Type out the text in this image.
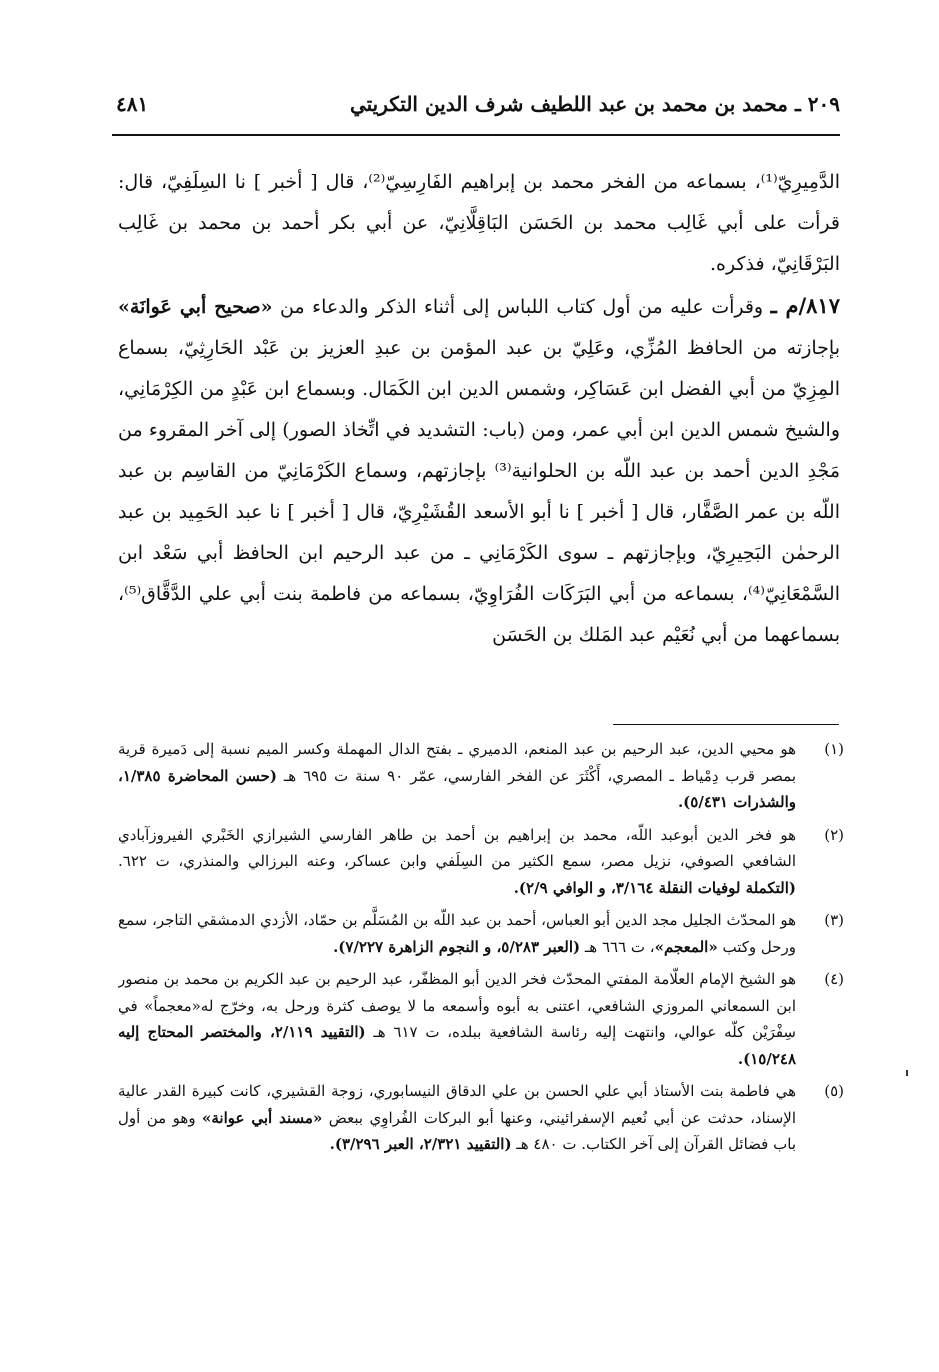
٢٠٩ ـ محمد بن محمد بن عبد اللطيف شرف الدين التكريتي
٤٨١

الدَّمِيرِيّ⁽¹⁾، بسماعه من الفخر محمد بن إبراهيم الفَارِسِيّ⁽²⁾، قال [ أخبر ] نا السِلَفِيّ، قال: قرأت على أبي غَالِب محمد بن الحَسَن البَاقِلَّانِيّ، عن أبي بكر أحمد بن محمد بن غَالِب البَرْقَانِيّ، فذكره.

٨١٧/م ـ وقرأت عليه من أول كتاب اللباس إلى أثناء الذكر والدعاء من «صحيح أبي عَوانَة» بإجازته من الحافظ المُزِّي، وعَلِيّ بن عبد المؤمن بن عبدِ العزيز بن عَبْد الحَارِثِيّ، بسماع المِزِيّ من أبي الفضل ابن عَسَاكِر، وشمس الدين ابن الكَمَال. وبسماع ابن عَبْدٍ من الكِرْمَانِي، والشيخ شمس الدين ابن أبي عمر، ومن (باب: التشديد في اتِّخاذ الصور) إلى آخر المقروء من مَجْدِ الدين أحمد بن عبد اللّه بن الحلوانية⁽³⁾ بإجازتهم، وسماع الكَرْمَانِيّ من القاسِم بن عبد اللّه بن عمر الصَّفَّار، قال [ أخبر ] نا أبو الأسعد القُشَيْرِيّ، قال [ أخبر ] نا عبد الحَمِيد بن عبد الرحمٰن البَحِيرِيّ، وبإجازتهم ـ سوى الكَرْمَانِي ـ من عبد الرحيم ابن الحافظ أبي سَعْد ابن السَّمْعَانِيّ⁽⁴⁾، بسماعه من أبي البَرَكَات الفُرَاوِيّ، بسماعه من فاطمة بنت أبي علي الدَّقَّاق⁽⁵⁾، بسماعهما من أبي نُعَيْم عبد المَلك بن الحَسَن

(١)
هو محيي الدين، عبد الرحيم بن عبد المنعم، الدميري ـ بفتح الدال المهملة وكسر الميم نسبة إلى دَميرة قرية بمصر قرب دِمْياط ـ المصري، أَكْثَرَ عن الفخر الفارسي، عمّر ٩٠ سنة ت ٦٩٥ هـ (حسن المحاضرة ١/٣٨٥، والشذرات ٥/٤٣١).

(٢)
هو فخر الدين أبوعبد اللّه، محمد بن إبراهيم بن أحمد بن طاهر الفارسي الشيرازي الخَبْري الفيروزآبادي الشافعي الصوفي، نزيل مصر، سمع الكثير من السِلَفي وابن عساكر، وعنه البرزالي والمنذري، ت ٦٢٢. (التكملة لوفيات النقلة ٣/١٦٤، و الوافي ٢/٩).

(٣)
هو المحدّث الجليل مجد الدين أبو العباس، أحمد بن عبد اللّه بن المُسَلَّم بن حمّاد، الأزدي الدمشقي التاجر، سمع ورحل وكتب «المعجم»، ت ٦٦٦ هـ (العبر ٥/٢٨٣، و النجوم الزاهرة ٧/٢٢٧).

(٤)
هو الشيخ الإمام العلّامة المفتي المحدّث فخر الدين أبو المظفّر، عبد الرحيم بن عبد الكريم بن محمد بن منصور ابن السمعاني المروزي الشافعي، اعتنى به أبوه وأسمعه ما لا يوصف كثرة ورحل به، وخرّج له«معجماً» في سِفْرَيْن كلّه عوالي، وانتهت إليه رئاسة الشافعية ببلده، ت ٦١٧ هـ (التقييد ٢/١١٩، والمختصر المحتاج إليه ١٥/٢٤٨).

(٥)
هي فاطمة بنت الأستاذ أبي علي الحسن بن علي الدقاق النيسابوري، زوجة القشيري، كانت كبيرة القدر عالية الإسناد، حدثت عن أبي نُعيم الإسفرائيني، وعنها أبو البركات الفُراوِي ببعض «مسند أبي عوانة» وهو من أول باب فضائل القرآن إلى آخر الكتاب. ت ٤٨٠ هـ (التقييد ٢/٣٢١، العبر ٣/٢٩٦).
